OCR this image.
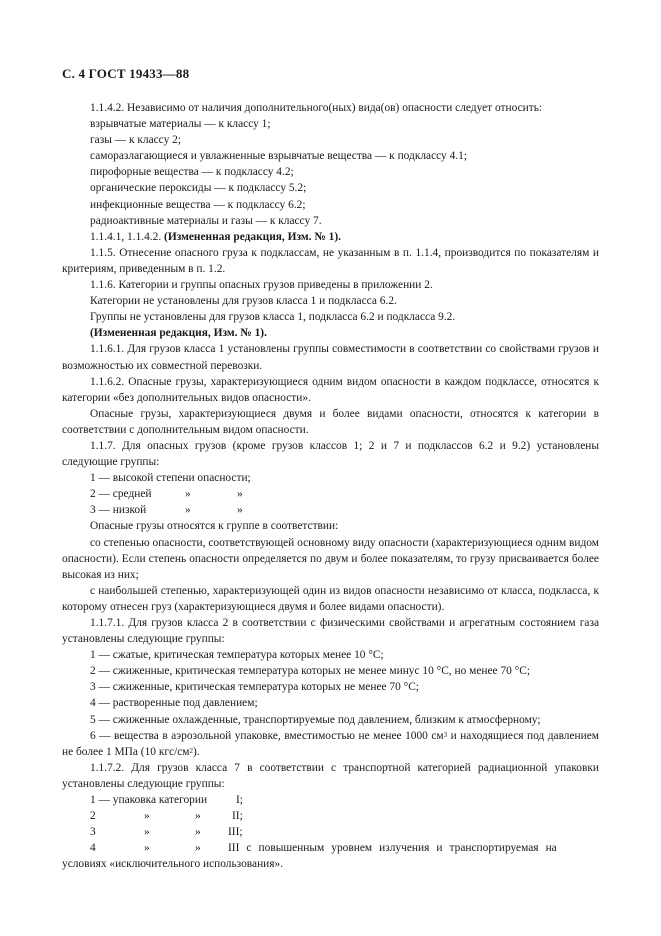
С. 4 ГОСТ 19433—88

1.1.4.2. Независимо от наличия дополнительного(ных) вида(ов) опасности следует относить:

взрывчатые материалы — к классу 1;

газы — к классу 2;

саморазлагающиеся и увлажненные взрывчатые вещества — к подклассу 4.1;

пирофорные вещества — к подклассу 4.2;

органические пероксиды — к подклассу 5.2;

инфекционные вещества — к подклассу 6.2;

радиоактивные материалы и газы — к классу 7.

1.1.4.1, 1.1.4.2. (Измененная редакция, Изм. № 1).

1.1.5. Отнесение опасного груза к подклассам, не указанным в п. 1.1.4, производится по показателям и критериям, приведенным в п. 1.2.

1.1.6. Категории и группы опасных грузов приведены в приложении 2.

Категории не установлены для грузов класса 1 и подкласса 6.2.

Группы не установлены для грузов класса 1, подкласса 6.2 и подкласса 9.2.

(Измененная редакция, Изм. № 1).

1.1.6.1. Для грузов класса 1 установлены группы совместимости в соответствии со свойствами грузов и возможностью их совместной перевозки.

1.1.6.2. Опасные грузы, характеризующиеся одним видом опасности в каждом подклассе, относятся к категории «без дополнительных видов опасности».

Опасные грузы, характеризующиеся двумя и более видами опасности, относятся к категории в соответствии с дополнительным видом опасности.

1.1.7. Для опасных грузов (кроме грузов классов 1; 2 и 7 и подклассов 6.2 и 9.2) установлены следующие группы:

1 — высокой степени опасности;

2 — средней	»	»
3 — низкой	»	»

Опасные грузы относятся к группе в соответствии:

со степенью опасности, соответствующей основному виду опасности (характеризующиеся одним видом опасности). Если степень опасности определяется по двум и более показателям, то грузу присваивается более высокая из них;

с наибольшей степенью, характеризующей один из видов опасности независимо от класса, подкласса, к которому отнесен груз (характеризующиеся двумя и более видами опасности).

1.1.7.1. Для грузов класса 2 в соответствии с физическими свойствами и агрегатным состоянием газа установлены следующие группы:

1 — сжатые, критическая температура которых менее 10 °С;

2 — сжиженные, критическая температура которых не менее минус 10 °С, но менее 70 °С;

3 — сжиженные, критическая температура которых не менее 70 °С;

4 — растворенные под давлением;

5 — сжиженные охлажденные, транспортируемые под давлением, близким к атмосферному;

6 — вещества в аэрозольной упаковке, вместимостью не менее 1000 $см^3$ и находящиеся под давлением не более 1 МПа (10 кгс/$см^2$).

1.1.7.2. Для грузов класса 7 в соответствии с транспортной категорией радиационной упаковки установлены следующие группы:

1 — упаковка категории	I;
2	»	»	II;
3	»	»	III;
4	»	»	III с повышенным уровнем излучения и транспортируемая на

условиях «исключительного использования».
